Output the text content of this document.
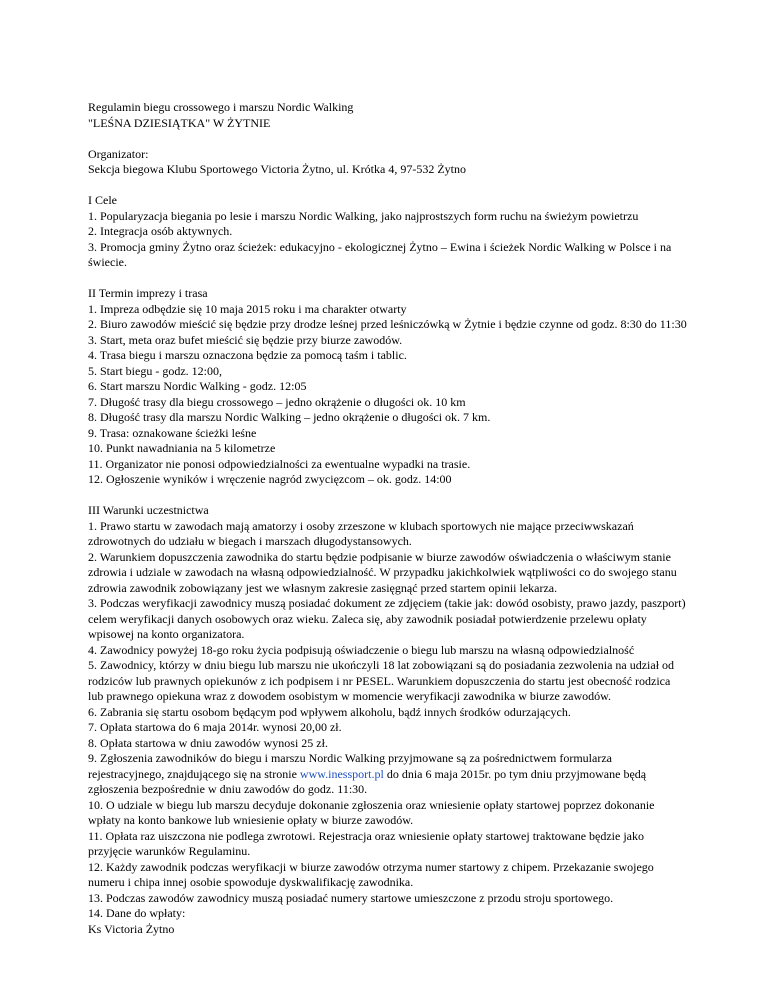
Regulamin biegu crossowego i marszu Nordic Walking
"LEŚNA DZIESIĄTKA" W ŻYTNIE
Organizator:
Sekcja biegowa Klubu Sportowego Victoria Żytno, ul. Krótka 4, 97-532 Żytno
I Cele
1. Popularyzacja biegania po lesie i marszu Nordic Walking, jako najprostszych form ruchu na świeżym powietrzu
2. Integracja osób aktywnych.
3. Promocja gminy Żytno oraz ścieżek: edukacyjno - ekologicznej Żytno – Ewina i ścieżek Nordic Walking w Polsce i na świecie.
II Termin imprezy i trasa
1. Impreza odbędzie się 10 maja 2015 roku i ma charakter otwarty
2. Biuro zawodów mieścić się będzie przy drodze leśnej przed leśniczówką w Żytnie i będzie czynne od godz. 8:30 do 11:30
3. Start, meta oraz bufet mieścić się będzie przy biurze zawodów.
4. Trasa biegu i marszu oznaczona będzie za pomocą taśm i tablic.
5. Start biegu - godz. 12:00,
6. Start marszu Nordic Walking - godz. 12:05
7. Długość trasy dla biegu crossowego – jedno okrążenie o długości ok. 10 km
8. Długość trasy dla marszu Nordic Walking – jedno okrążenie o długości ok. 7 km.
9. Trasa: oznakowane ścieżki leśne
10. Punkt nawadniania na 5 kilometrze
11. Organizator nie ponosi odpowiedzialności za ewentualne wypadki na trasie.
12. Ogłoszenie wyników i wręczenie nagród zwycięzcom – ok. godz. 14:00
III Warunki uczestnictwa
1. Prawo startu w zawodach mają amatorzy i osoby zrzeszone w klubach sportowych nie mające przeciwwskazań zdrowotnych do udziału w biegach i marszach długodystansowych.
2. Warunkiem dopuszczenia zawodnika do startu będzie podpisanie w biurze zawodów oświadczenia o właściwym stanie zdrowia i udziale w zawodach na własną odpowiedzialność. W przypadku jakichkolwiek wątpliwości co do swojego stanu zdrowia zawodnik zobowiązany jest we własnym zakresie zasięgnąć przed startem opinii lekarza.
3. Podczas weryfikacji zawodnicy muszą posiadać dokument ze zdjęciem (takie jak: dowód osobisty, prawo jazdy, paszport) celem weryfikacji danych osobowych oraz wieku. Zaleca się, aby zawodnik posiadał potwierdzenie przelewu opłaty wpisowej na konto organizatora.
4. Zawodnicy powyżej 18-go roku życia podpisują oświadczenie o biegu lub marszu na własną odpowiedzialność
5. Zawodnicy, którzy w dniu biegu lub marszu nie ukończyli 18 lat zobowiązani są do posiadania zezwolenia na udział od rodziców lub prawnych opiekunów z ich podpisem i nr PESEL. Warunkiem dopuszczenia do startu jest obecność rodzica lub prawnego opiekuna wraz z dowodem osobistym w momencie weryfikacji zawodnika w biurze zawodów.
6. Zabrania się startu osobom będącym pod wpływem alkoholu, bądź innych środków odurzających.
7. Opłata startowa do 6 maja 2014r. wynosi 20,00 zł.
8. Opłata startowa w dniu zawodów wynosi 25 zł.
9. Zgłoszenia zawodników do biegu i marszu Nordic Walking przyjmowane są za pośrednictwem formularza rejestracyjnego, znajdującego się na stronie www.inessport.pl do dnia 6 maja 2015r. po tym dniu przyjmowane będą zgłoszenia bezpośrednie w dniu zawodów do godz. 11:30.
10. O udziale w biegu lub marszu decyduje dokonanie zgłoszenia oraz wniesienie opłaty startowej poprzez dokonanie wpłaty na konto bankowe lub wniesienie opłaty w biurze zawodów.
11. Opłata raz uiszczona nie podlega zwrotowi. Rejestracja oraz wniesienie opłaty startowej traktowane będzie jako przyjęcie warunków Regulaminu.
12. Każdy zawodnik podczas weryfikacji w biurze zawodów otrzyma numer startowy z chipem. Przekazanie swojego numeru i chipa innej osobie spowoduje dyskwalifikację zawodnika.
13. Podczas zawodów zawodnicy muszą posiadać numery startowe umieszczone z przodu stroju sportowego.
14. Dane do wpłaty:
Ks Victoria Żytno
